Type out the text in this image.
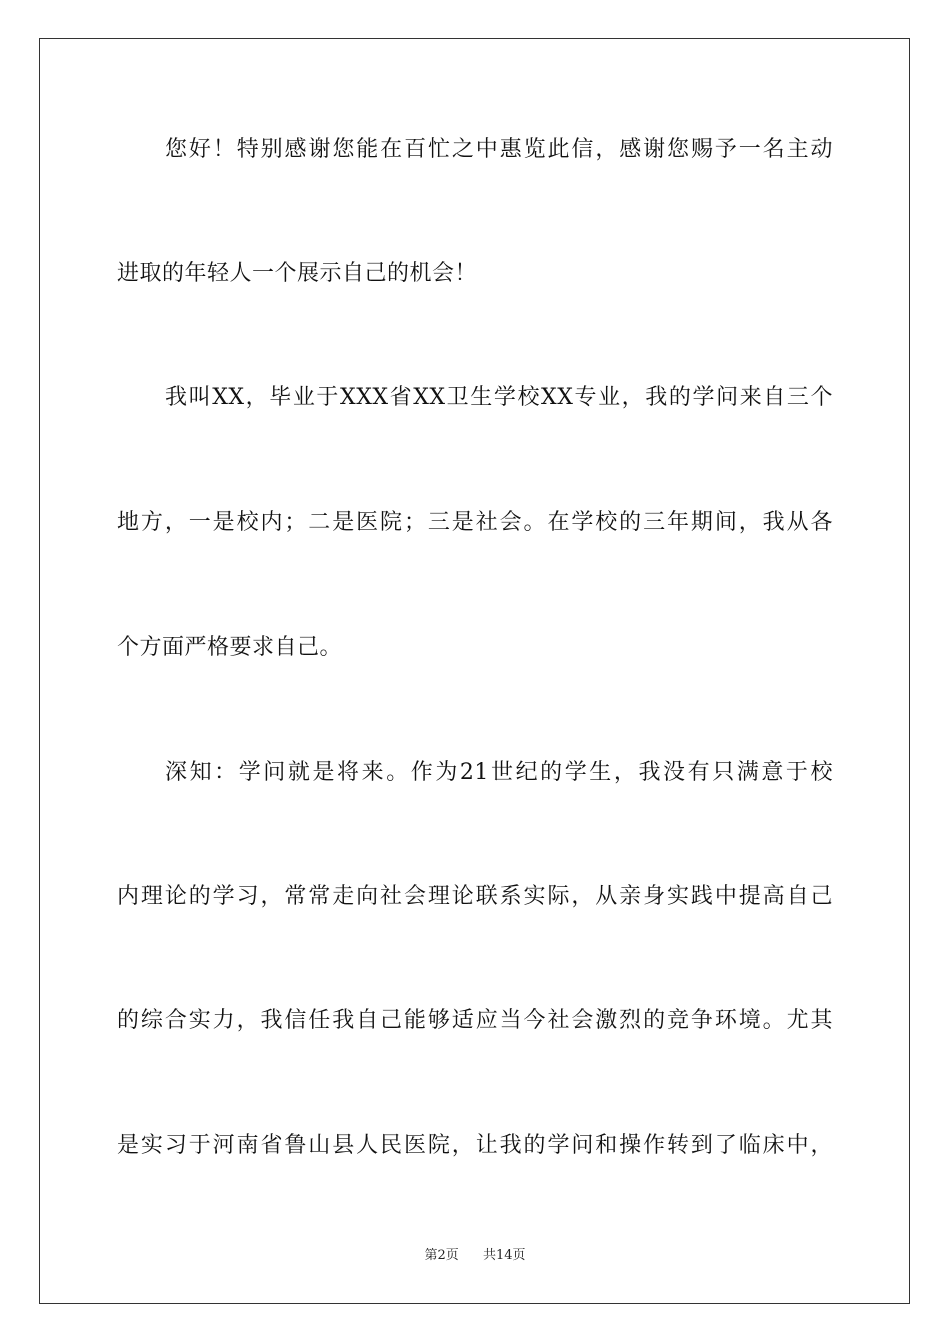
您好！特别感谢您能在百忙之中惠览此信，感谢您赐予一名主动
进取的年轻人一个展示自己的机会！
我叫XX，毕业于XXX省XX卫生学校XX专业，我的学问来自三个
地方，一是校内；二是医院；三是社会。在学校的三年期间，我从各
个方面严格要求自己。
深知：学问就是将来。作为21世纪的学生，我没有只满意于校
内理论的学习，常常走向社会理论联系实际，从亲身实践中提高自己
的综合实力，我信任我自己能够适应当今社会激烈的竞争环境。尤其
是实习于河南省鲁山县人民医院，让我的学问和操作转到了临床中，
第2页 共14页
